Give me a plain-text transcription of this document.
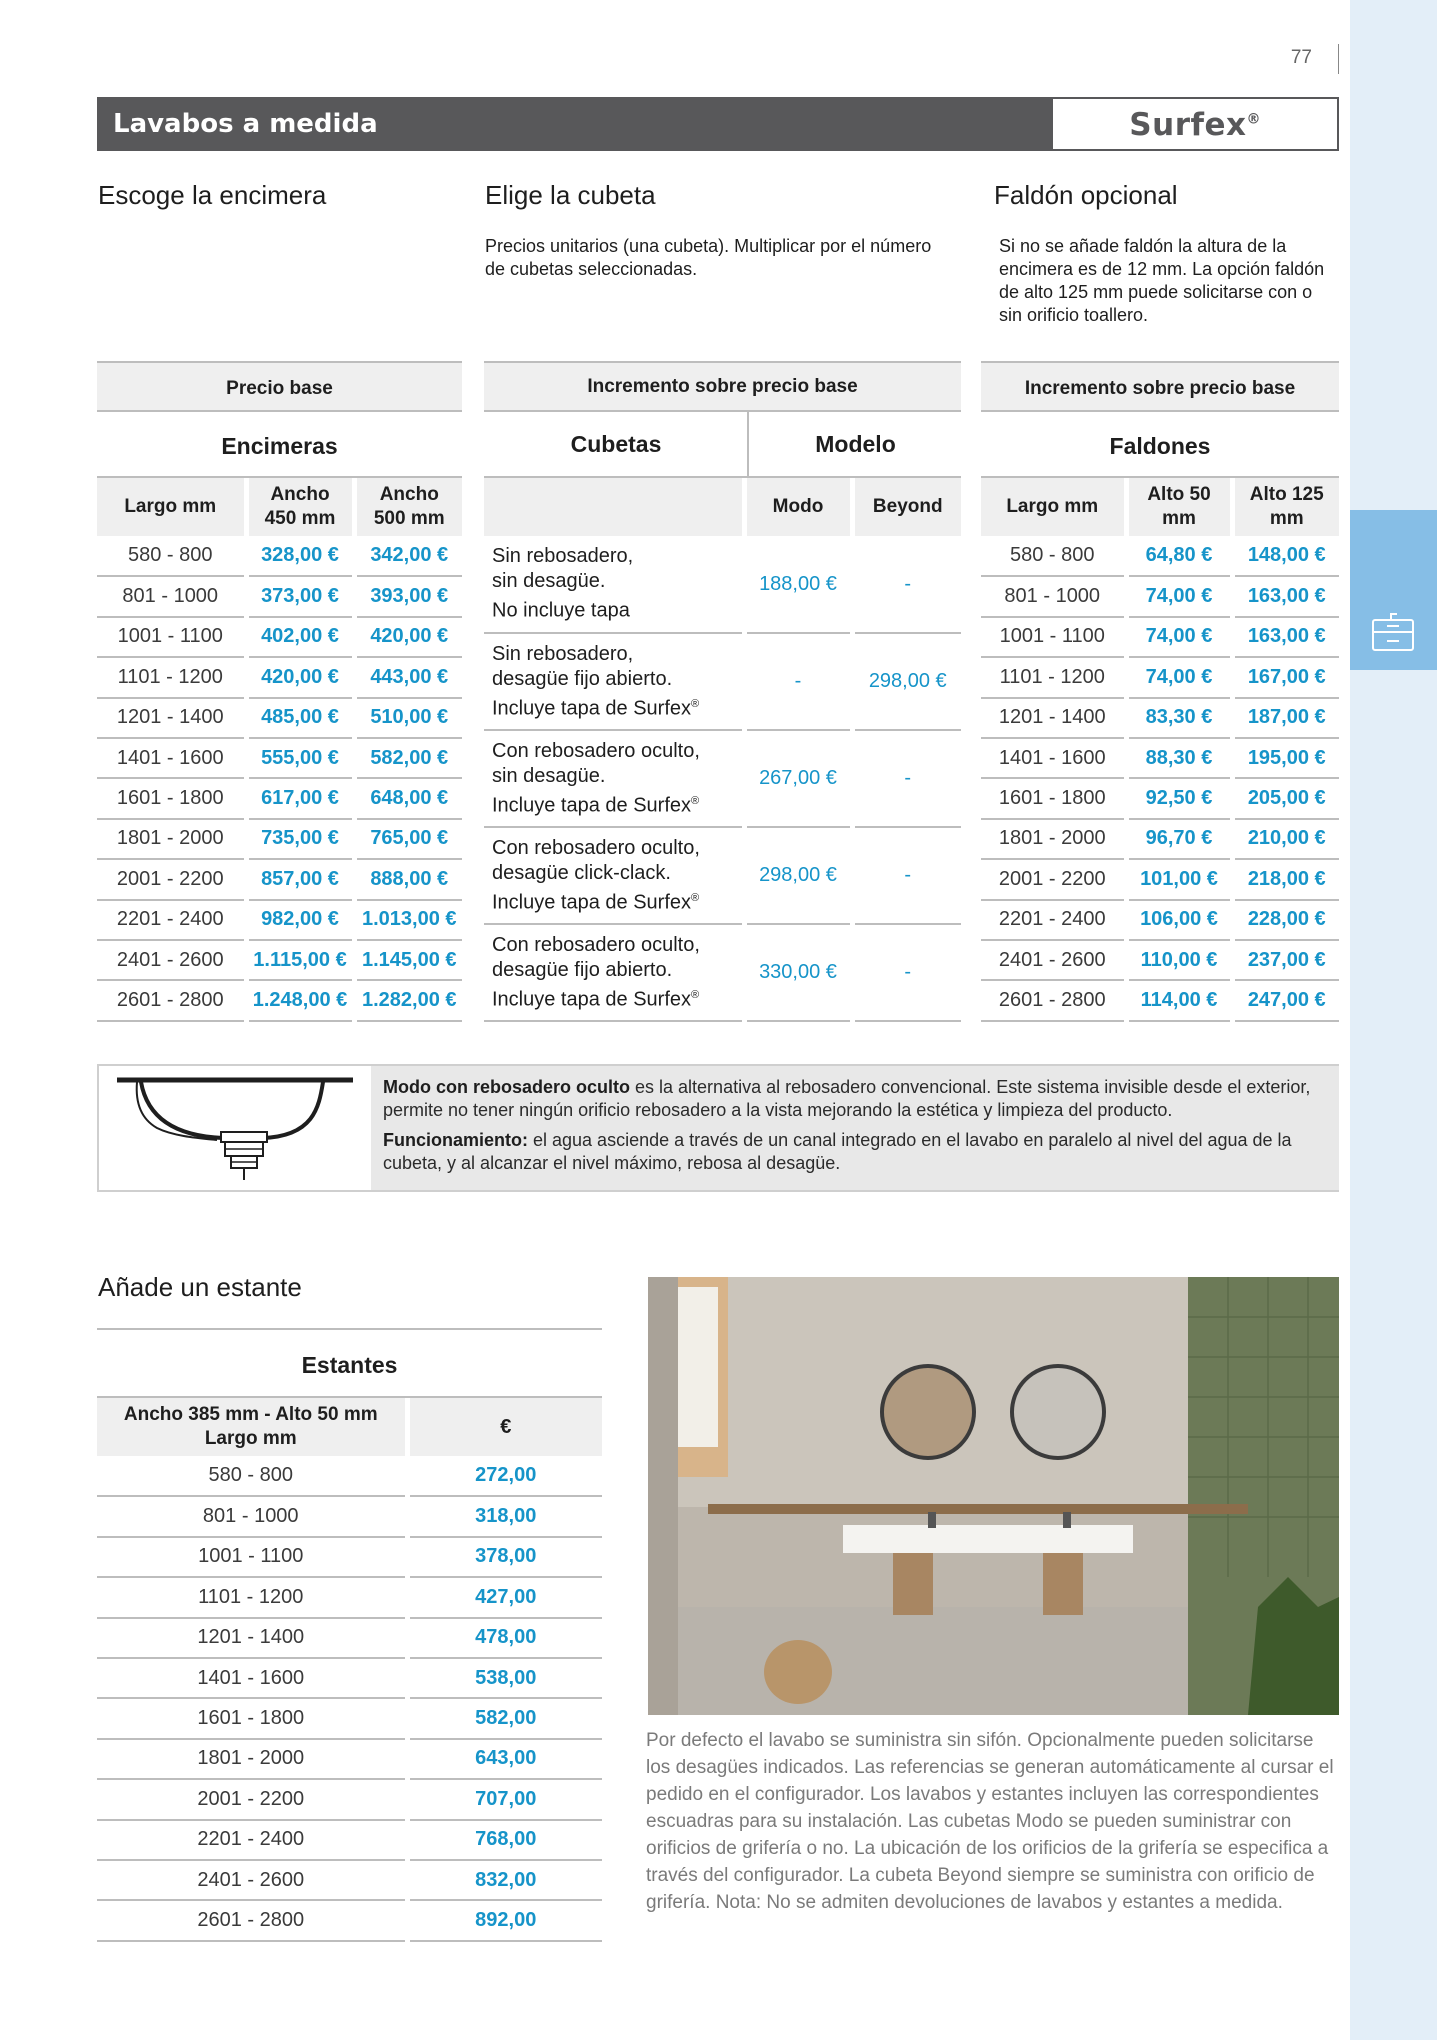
77
Lavabos a medida	Surfex®
Escoge la encimera	Elige la cubeta	Faldón opcional
Precios unitarios (una cubeta). Multiplicar por el número de cubetas seleccionadas.
Si no se añade faldón la altura de la encimera es de 12 mm. La opción faldón de alto 125 mm puede solicitarse con o sin orificio toallero.
Precio base
Encimeras
Largo mm	Ancho 450 mm	Ancho 500 mm
580 - 800	328,00 €	342,00 €
801 - 1000	373,00 €	393,00 €
1001 - 1100	402,00 €	420,00 €
1101 - 1200	420,00 €	443,00 €
1201 - 1400	485,00 €	510,00 €
1401 - 1600	555,00 €	582,00 €
1601 - 1800	617,00 €	648,00 €
1801 - 2000	735,00 €	765,00 €
2001 - 2200	857,00 €	888,00 €
2201 - 2400	982,00 €	1.013,00 €
2401 - 2600	1.115,00 €	1.145,00 €
2601 - 2800	1.248,00 €	1.282,00 €
Incremento sobre precio base
Cubetas	Modelo
	Modo	Beyond
Sin rebosadero,
sin desagüe.
No incluye tapa	188,00 €	-
Sin rebosadero,
desagüe fijo abierto.
Incluye tapa de Surfex®	-	298,00 €
Con rebosadero oculto,
sin desagüe.
Incluye tapa de Surfex®	267,00 €	-
Con rebosadero oculto,
desagüe click-clack.
Incluye tapa de Surfex®	298,00 €	-
Con rebosadero oculto,
desagüe fijo abierto.
Incluye tapa de Surfex®	330,00 €	-
Incremento sobre precio base
Faldones
Largo mm	Alto 50 mm	Alto 125 mm
580 - 800	64,80 €	148,00 €
801 - 1000	74,00 €	163,00 €
1001 - 1100	74,00 €	163,00 €
1101 - 1200	74,00 €	167,00 €
1201 - 1400	83,30 €	187,00 €
1401 - 1600	88,30 €	195,00 €
1601 - 1800	92,50 €	205,00 €
1801 - 2000	96,70 €	210,00 €
2001 - 2200	101,00 €	218,00 €
2201 - 2400	106,00 €	228,00 €
2401 - 2600	110,00 €	237,00 €
2601 - 2800	114,00 €	247,00 €

Modo con rebosadero oculto es la alternativa al rebosadero convencional. Este sistema invisible desde el exterior, permite no tener ningún orificio rebosadero a la vista mejorando la estética y limpieza del producto.

Funcionamiento: el agua asciende a través de un canal integrado en el lavabo en paralelo al nivel del agua de la cubeta, y al alcanzar el nivel máximo, rebosa al desagüe.

Añade un estante
Estantes
Ancho 385 mm - Alto 50 mm
Largo mm	€
580 - 800	272,00
801 - 1000	318,00
1001 - 1100	378,00
1101 - 1200	427,00
1201 - 1400	478,00
1401 - 1600	538,00
1601 - 1800	582,00
1801 - 2000	643,00
2001 - 2200	707,00
2201 - 2400	768,00
2401 - 2600	832,00
2601 - 2800	892,00
Por defecto el lavabo se suministra sin sifón. Opcionalmente pueden solicitarse los desagües indicados. Las referencias se generan automáticamente al cursar el pedido en el configurador. Los lavabos y estantes incluyen las correspondientes escuadras para su instalación. Las cubetas Modo se pueden suministrar con orificios de grifería o no. La ubicación de los orificios de la grifería se especifica a través del configurador. La cubeta Beyond siempre se suministra con orificio de grifería. Nota: No se admiten devoluciones de lavabos y estantes a medida.
